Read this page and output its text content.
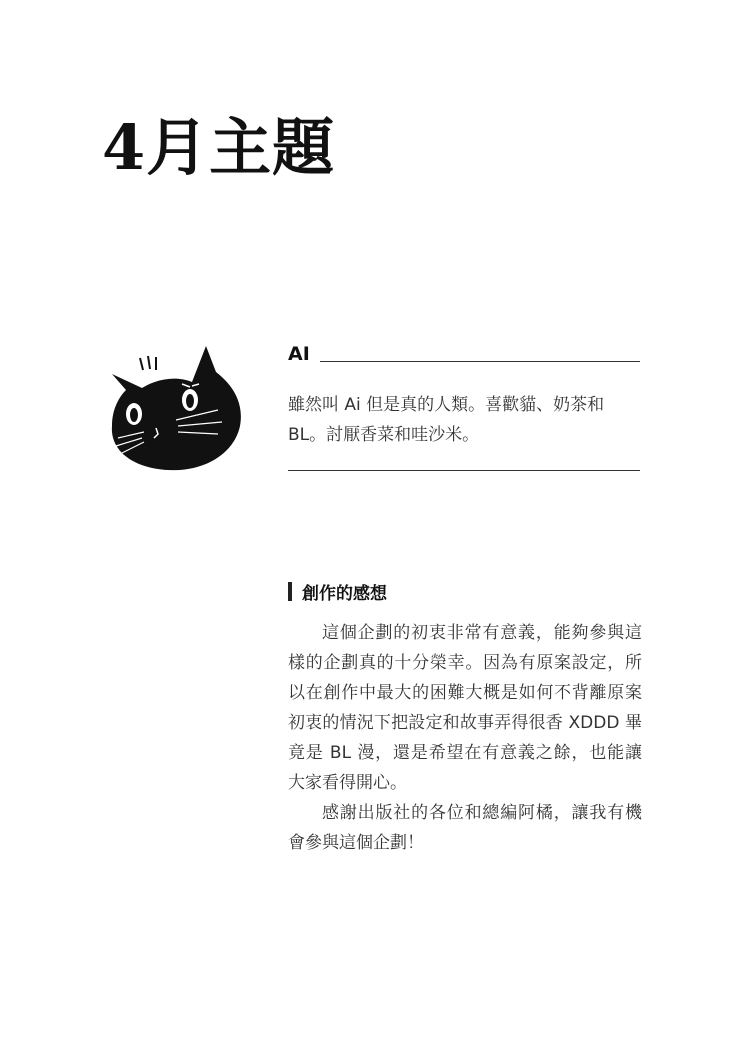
4月主題
AI

雖然叫 Ai 但是真的人類。喜歡貓、奶茶和 BL。討厭香菜和哇沙米。

創作的感想

這個企劃的初衷非常有意義，能夠參與這樣的企劃真的十分榮幸。因為有原案設定，所以在創作中最大的困難大概是如何不背離原案初衷的情況下把設定和故事弄得很香 XDDD 畢竟是 BL 漫，還是希望在有意義之餘，也能讓大家看得開心。

感謝出版社的各位和總編阿橘，讓我有機會參與這個企劃！
